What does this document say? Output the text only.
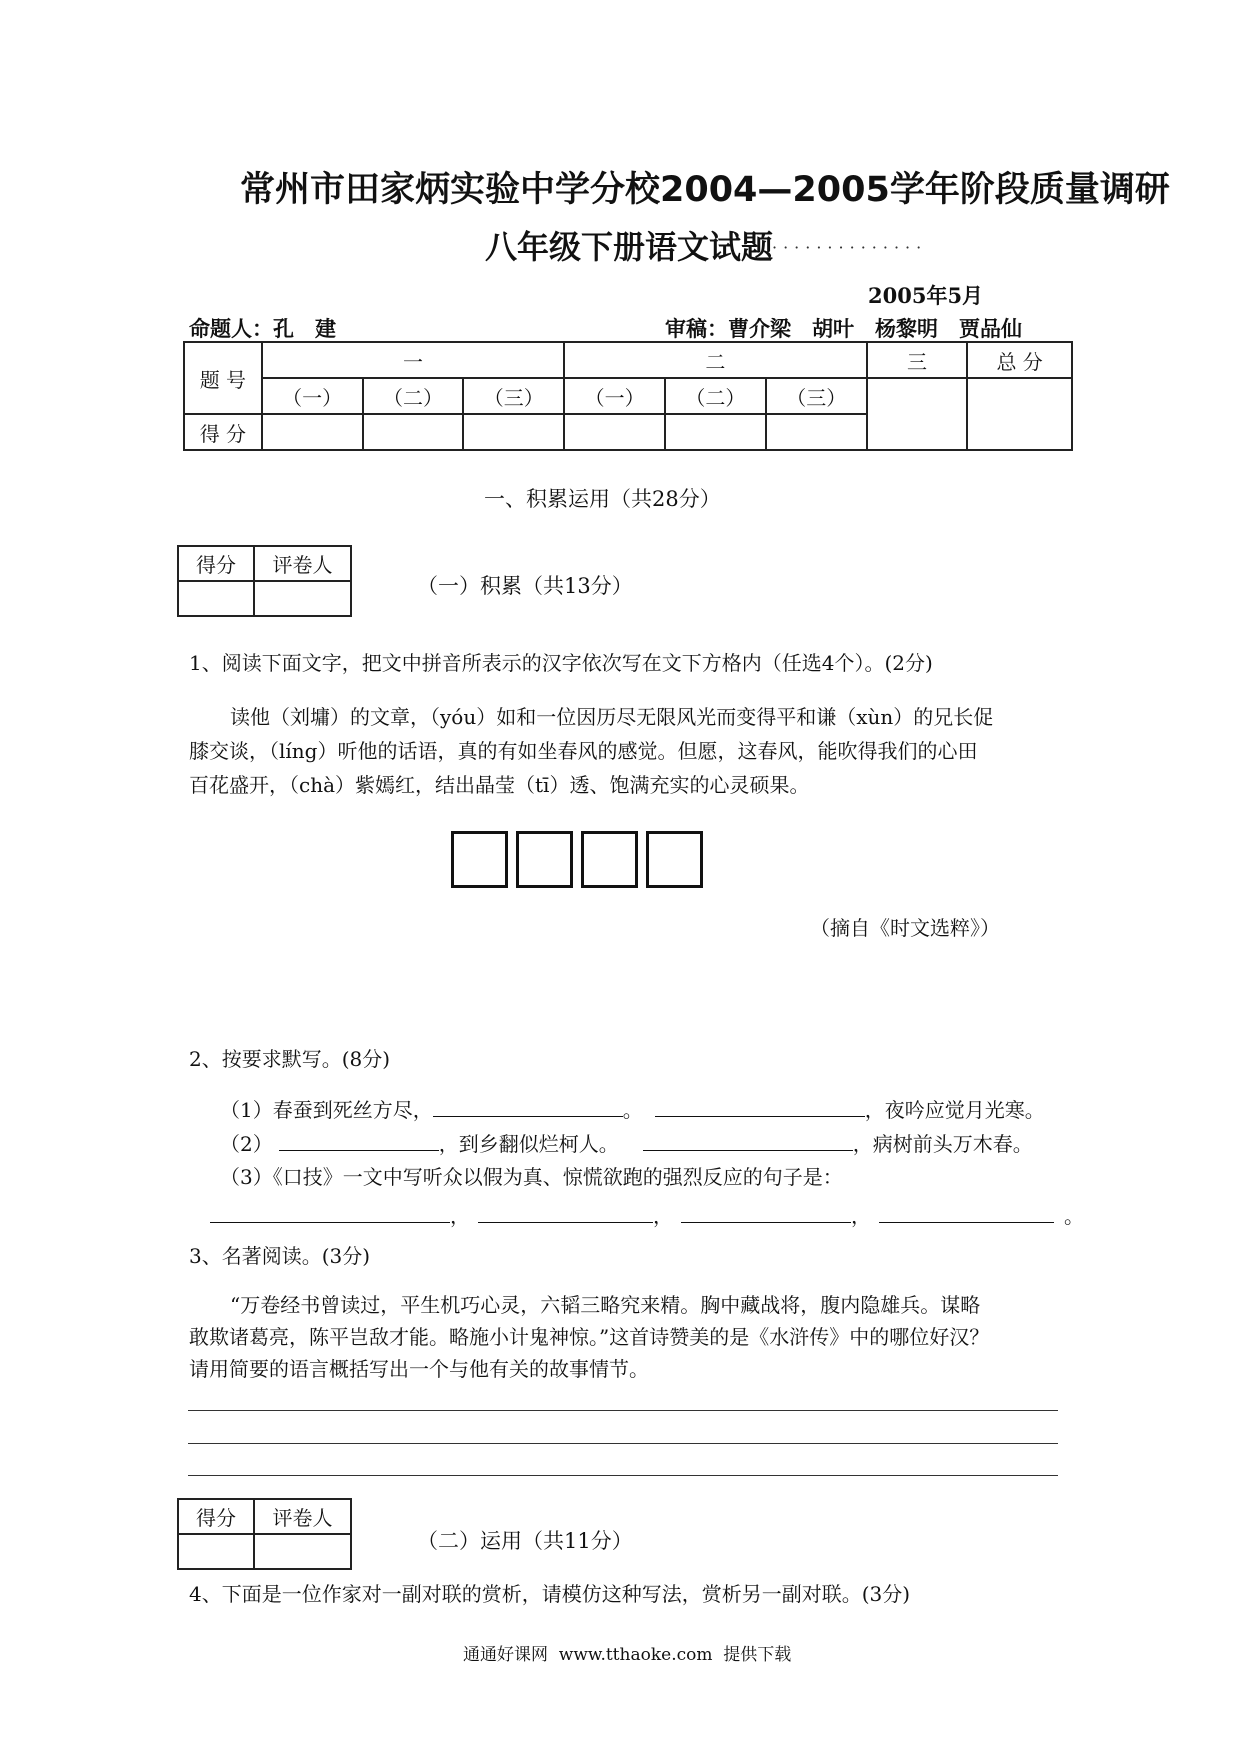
常州市田家炳实验中学分校2004—2005学年阶段质量调研
八年级下册语文试题
··············
2005年5月
命题人：孔　建	审稿：曹介梁　胡叶　杨黎明　贾品仙
题 号	一			二			三	总 分
	（一）	（二）	（三）	（一）	（二）	（三）		
得 分								
一、积累运用（共28分）
得分	评卷人

（一）积累（共13分）
1、阅读下面文字，把文中拼音所表示的汉字依次写在文下方格内（任选4个）。(2分)
读他（刘墉）的文章，（yóu）如和一位因历尽无限风光而变得平和谦（xùn）的兄长促
膝交谈，（líng）听他的话语，真的有如坐春风的感觉。但愿，这春风，能吹得我们的心田
百花盛开，（chà）紫嫣红，结出晶莹（tī）透、饱满充实的心灵硕果。
（摘自《时文选粹》）
2、按要求默写。(8分)
（1）春蚕到死丝方尽，	。	，夜吟应觉月光寒。
（2）	，到乡翻似烂柯人。	，病树前头万木春。
（3）《口技》一文中写听众以假为真、惊慌欲跑的强烈反应的句子是：
，	，	，	。
3、名著阅读。(3分)
“万卷经书曾读过，平生机巧心灵，六韬三略究来精。胸中藏战将，腹内隐雄兵。谋略
敢欺诸葛亮，陈平岂敌才能。略施小计鬼神惊。”这首诗赞美的是《水浒传》中的哪位好汉？
请用简要的语言概括写出一个与他有关的故事情节。
得分	评卷人

（二）运用（共11分）
4、下面是一位作家对一副对联的赏析，请模仿这种写法，赏析另一副对联。(3分)
通通好课网  www.tthaoke.com  提供下载
